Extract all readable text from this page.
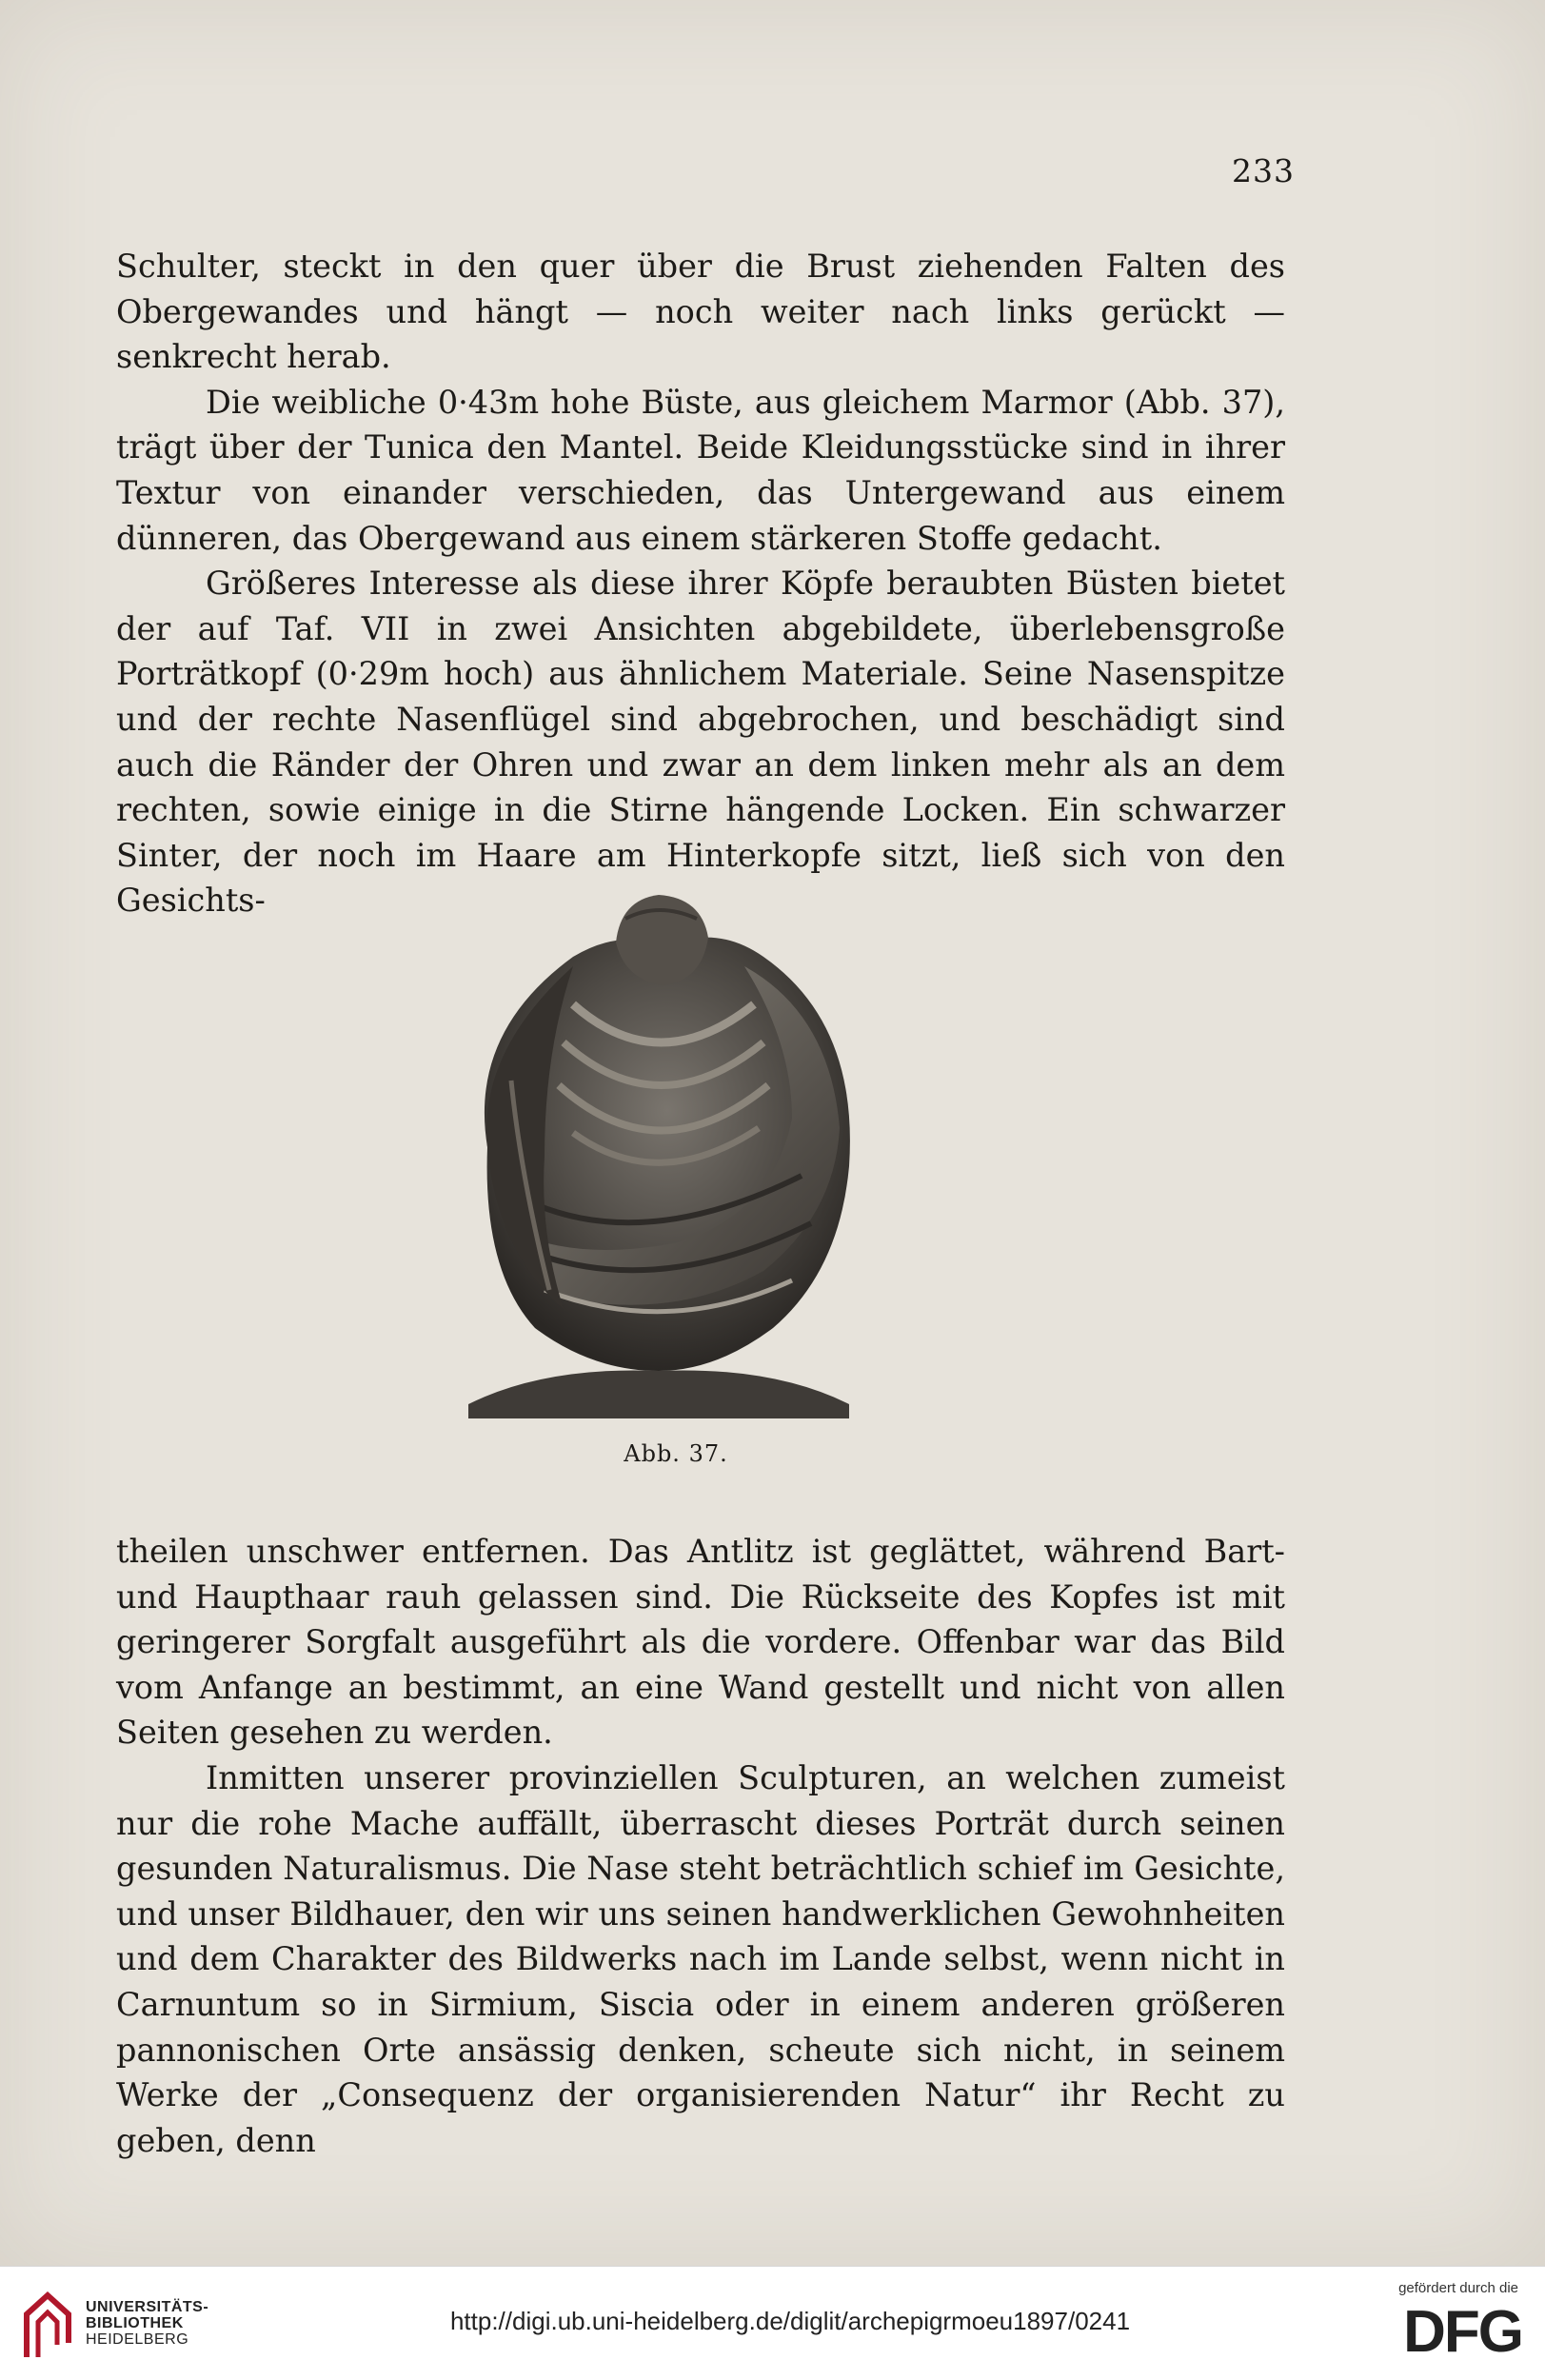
233

Schulter, steckt in den quer über die Brust ziehenden Falten des Obergewandes und hängt — noch weiter nach links gerückt — senkrecht herab.

Die weibliche 0·43m hohe Büste, aus gleichem Marmor (Abb. 37), trägt über der Tunica den Mantel. Beide Kleidungsstücke sind in ihrer Textur von einander verschieden, das Untergewand aus einem dünneren, das Obergewand aus einem stärkeren Stoffe gedacht.

Größeres Interesse als diese ihrer Köpfe beraubten Büsten bietet der auf Taf. VII in zwei Ansichten abgebildete, überlebensgroße Porträtkopf (0·29m hoch) aus ähnlichem Materiale. Seine Nasenspitze und der rechte Nasenflügel sind abgebrochen, und beschädigt sind auch die Ränder der Ohren und zwar an dem linken mehr als an dem rechten, sowie einige in die Stirne hängende Locken. Ein schwarzer Sinter, der noch im Haare am Hinterkopfe sitzt, ließ sich von den Gesichts-

Abb. 37.

theilen unschwer entfernen. Das Antlitz ist geglättet, während Bart- und Haupthaar rauh gelassen sind. Die Rückseite des Kopfes ist mit geringerer Sorgfalt ausgeführt als die vordere. Offenbar war das Bild vom Anfange an bestimmt, an eine Wand gestellt und nicht von allen Seiten gesehen zu werden.

Inmitten unserer provinziellen Sculpturen, an welchen zumeist nur die rohe Mache auffällt, überrascht dieses Porträt durch seinen gesunden Naturalismus. Die Nase steht beträchtlich schief im Gesichte, und unser Bildhauer, den wir uns seinen handwerklichen Gewohnheiten und dem Charakter des Bildwerks nach im Lande selbst, wenn nicht in Carnuntum so in Sirmium, Siscia oder in einem anderen größeren pannonischen Orte ansässig denken, scheute sich nicht, in seinem Werke der „Consequenz der organisierenden Natur“ ihr Recht zu geben, denn

UNIVERSITÄTS-
BIBLIOTHEK
HEIDELBERG
http://digi.ub.uni-heidelberg.de/diglit/archepigrmoeu1897/0241
gefördert durch die
DFG
